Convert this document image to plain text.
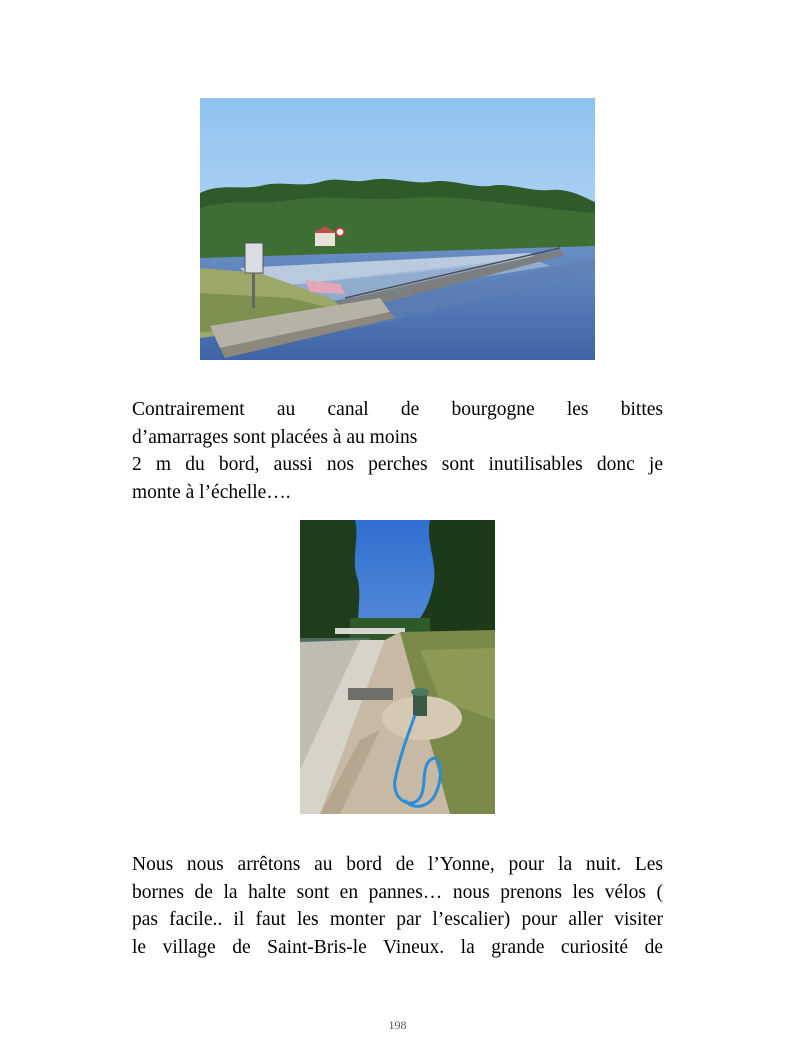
Contrairement au canal de bourgogne les bittes
d’amarrages sont placées à au moins
2 m du bord, aussi nos perches sont inutilisables donc je
monte à l’échelle….
Nous nous arrêtons au bord de l’Yonne, pour la nuit. Les
bornes de la halte sont en pannes… nous prenons les vélos (
pas facile.. il faut les monter par l’escalier) pour aller visiter
le village de Saint-Bris-le Vineux. la grande curiosité de
198
